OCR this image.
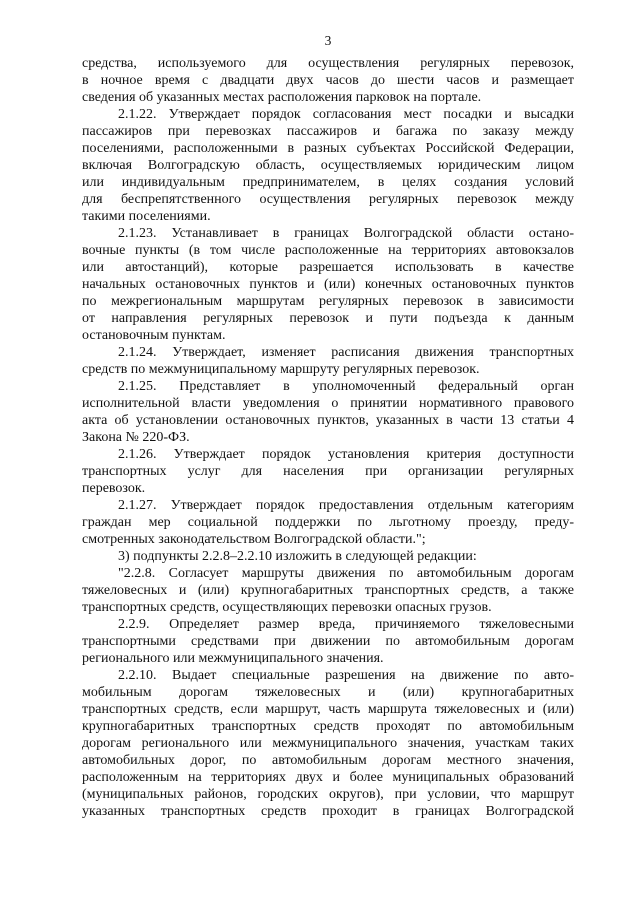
3
средства, используемого для осуществления регулярных перевозок,
в ночное время с двадцати двух часов до шести часов и размещает
сведения об указанных местах расположения парковок на портале.
2.1.22. Утверждает порядок согласования мест посадки и высадки
пассажиров при перевозках пассажиров и багажа по заказу между
поселениями, расположенными в разных субъектах Российской Федерации,
включая Волгоградскую область, осуществляемых юридическим лицом
или индивидуальным предпринимателем, в целях создания условий
для беспрепятственного осуществления регулярных перевозок между
такими поселениями.
2.1.23. Устанавливает в границах Волгоградской области остано-
вочные пункты (в том числе расположенные на территориях автовокзалов
или автостанций), которые разрешается использовать в качестве
начальных остановочных пунктов и (или) конечных остановочных пунктов
по межрегиональным маршрутам регулярных перевозок в зависимости
от направления регулярных перевозок и пути подъезда к данным
остановочным пунктам.
2.1.24. Утверждает, изменяет расписания движения транспортных
средств по межмуниципальному маршруту регулярных перевозок.
2.1.25. Представляет в уполномоченный федеральный орган
исполнительной власти уведомления о принятии нормативного правового
акта об установлении остановочных пунктов, указанных в части 13 статьи 4
Закона № 220-ФЗ.
2.1.26. Утверждает порядок установления критерия доступности
транспортных услуг для населения при организации регулярных
перевозок.
2.1.27. Утверждает порядок предоставления отдельным категориям
граждан мер социальной поддержки по льготному проезду, преду-
смотренных законодательством Волгоградской области.";
3) подпункты 2.2.8–2.2.10 изложить в следующей редакции:
"2.2.8. Согласует маршруты движения по автомобильным дорогам
тяжеловесных и (или) крупногабаритных транспортных средств, а также
транспортных средств, осуществляющих перевозки опасных грузов.
2.2.9. Определяет размер вреда, причиняемого тяжеловесными
транспортными средствами при движении по автомобильным дорогам
регионального или межмуниципального значения.
2.2.10. Выдает специальные разрешения на движение по авто-
мобильным дорогам тяжеловесных и (или) крупногабаритных
транспортных средств, если маршрут, часть маршрута тяжеловесных и (или)
крупногабаритных транспортных средств проходят по автомобильным
дорогам регионального или межмуниципального значения, участкам таких
автомобильных дорог, по автомобильным дорогам местного значения,
расположенным на территориях двух и более муниципальных образований
(муниципальных районов, городских округов), при условии, что маршрут
указанных транспортных средств проходит в границах Волгоградской
